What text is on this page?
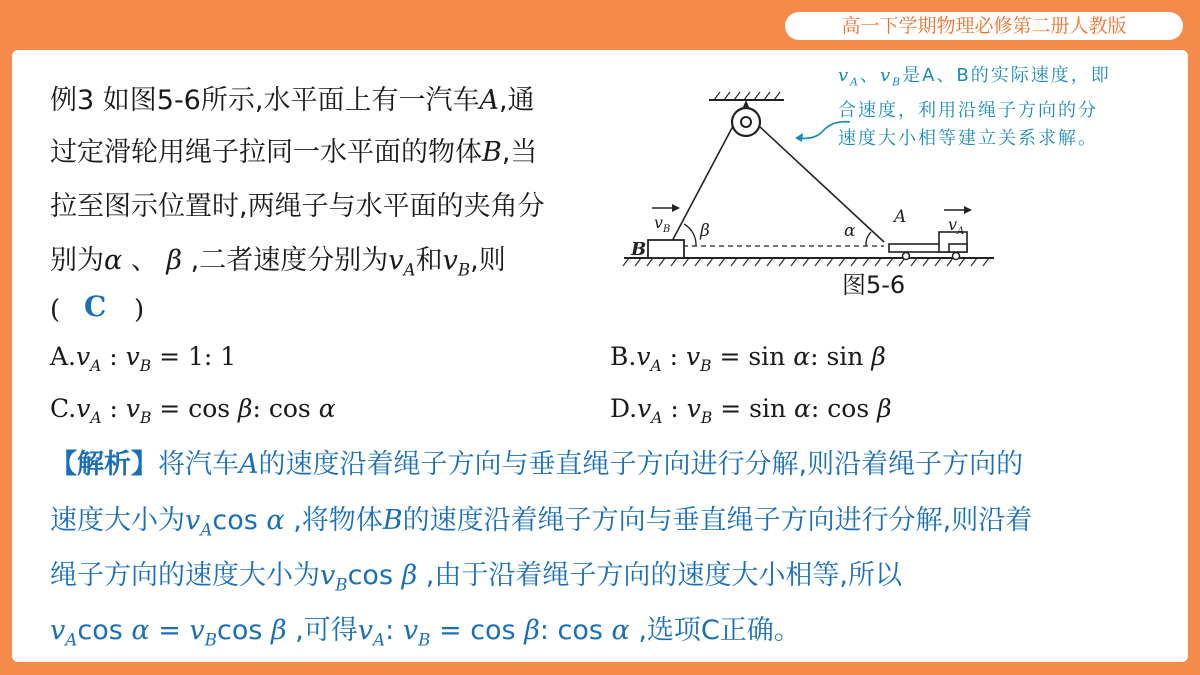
高一下学期物理必修第二册人教版
例3 如图5-6所示,水平面上有一汽车A,通
过定滑轮用绳子拉同一水平面的物体B,当
拉至图示位置时,两绳子与水平面的夹角分
别为α 、 β ,二者速度分别为$v_A$和$v_B$,则
( C )
$A.v_A$ : $v_B = 1$: 1	$B.v_A$ : $v_B = \sin \alpha$: sin β
$C.v_A$ : $v_B = \cos \beta$: cos α	$D.v_A$ : $v_B = \sin \alpha$: cos β
【解析】将汽车A的速度沿着绳子方向与垂直绳子方向进行分解,则沿着绳子方向的
速度大小为$v_A\cos$ α ,将物体B的速度沿着绳子方向与垂直绳子方向进行分解,则沿着
绳子方向的速度大小为$v_B\cos$ β ,由于沿着绳子方向的速度大小相等,所以
$v_A\cos$ $\alpha = v_B\cos$ β ,可得$v_A$: $v_B = \cos \beta$: cos α ,选项C正确。
B
β	α
A
v B	v A
图5-6
$v_A$、$v_B$是A、B的实际速度，即
合速度，利用沿绳子方向的分
速度大小相等建立关系求解。
